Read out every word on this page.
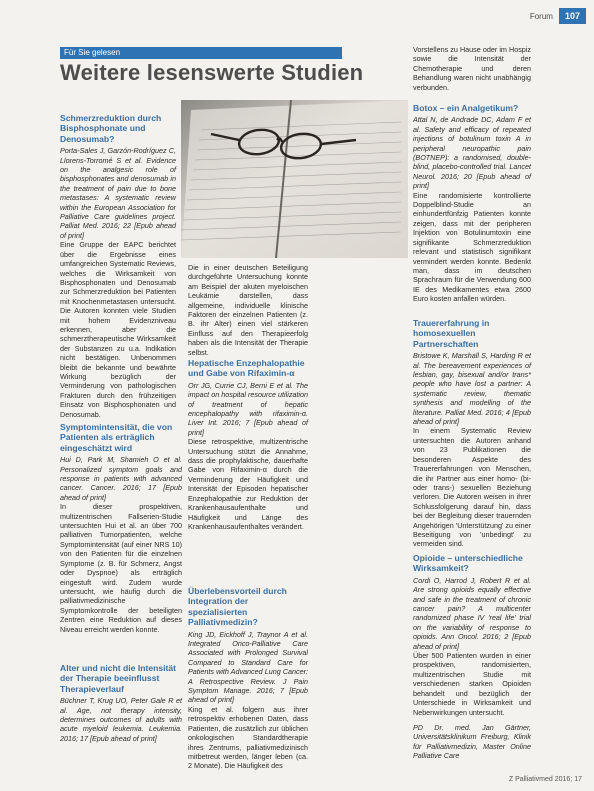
Forum	107
Für Sie gelesen
Weitere lesenswerte Studien

Schmerzreduktion durch Bisphosphonate und Denosumab?

Porta-Sales J, Garzón-Rodríguez C, Llorens-Torromé S et al. Evidence on the analgesic role of bisphosphonates and denosumab in the treatment of pain due to bone metastases: A systematic review within the European Association for Palliative Care guidelines project. Palliat Med. 2016; 22 [Epub ahead of print]

Eine Gruppe der EAPC berichtet über die Ergebnisse eines umfangreichen Systematic Reviews, welches die Wirksamkeit von Bisphosphonaten und Denosumab zur Schmerzreduktion bei Patienten mit Knochenmetastasen untersucht. Die Autoren konnten viele Studien mit hohem Evidenzniveau erkennen, aber die schmerztherapeutische Wirksamkeit der Substanzen zu u.a. Indikation nicht bestätigen. Unbenommen bleibt die bekannte und bewährte Wirkung bezüglich der Verminderung von pathologischen Frakturen durch den frühzeitigen Einsatz von Bisphosphonaten und Denosumab.

Symptomintensität, die von Patienten als erträglich eingeschätzt wird

Hui D, Park M, Shamieh O et al. Personalized symptom goals and response in patients with advanced cancer. Cancer. 2016; 17 [Epub ahead of print]

In dieser prospektiven, multizentrischen Fallserien-Studie untersuchten Hui et al. an über 700 palliativen Tumorpatienten, welche Symptomintensität (auf einer NRS 10) von den Patienten für die einzelnen Symptome (z. B. für Schmerz, Angst oder Dyspnoe) als erträglich eingestuft wird. Zudem wurde untersucht, wie häufig durch die palliativmedizinische Symptomkontrolle der beteiligten Zentren eine Reduktion auf dieses Niveau erreicht werden konnte.

Alter und nicht die Intensität der Therapie beeinflusst Therapieverlauf

Büchner T, Krug UO, Peter Gale R et al. Age, not therapy intensity, determines outcomes of adults with acute myeloid leukemia. Leukemia. 2016; 17 [Epub ahead of print]

Die in einer deutschen Beteiligung durchgeführte Untersuchung konnte am Beispiel der akuten myeloischen Leukämie darstellen, dass allgemeine, individuelle klinische Faktoren der einzelnen Patienten (z. B. ihr Alter) einen viel stärkeren Einfluss auf den Therapieerfolg haben als die Intensität der Therapie selbst.

Hepatische Enzephalopathie und Gabe von Rifaximin-α

Orr JG, Currie CJ, Berni E et al. The impact on hospital resource utilization of treatment of hepatic encephalopathy with rifaximin-α. Liver Int. 2016; 7 [Epub ahead of print]

Diese retrospektive, multizentrische Untersuchung stützt die Annahme, dass die prophylaktische, dauerhafte Gabe von Rifaximin-α durch die Verminderung der Häufigkeit und Intensität der Episoden hepatischer Enzephalopathie zur Reduktion der Krankenhausaufenthalte und Häufigkeit und Länge des Krankenhausaufenthaltes verändert.

Überlebensvorteil durch Integration der spezialisierten Palliativmedizin?

King JD, Eickhoff J, Traynor A et al. Integrated Onco-Palliative Care Associated with Prolonged Survival Compared to Standard Care for Patients with Advanced Lung Cancer: A Retrospective Review. J Pain Symptom Manage. 2016; 7 [Epub ahead of print]

King et al. folgern aus ihrer retrospektiv erhobenen Daten, dass Patienten, die zusätzlich zur üblichen onkologischen Standardtherapie ihres Zentrums, palliativmedizinisch mitbetreut werden, länger leben (ca. 2 Monate). Die Häufigkeit des

Vorstellens zu Hause oder im Hospiz sowie die Intensität der Chemotherapie und deren Behandlung waren nicht unabhängig verbunden.

Botox – ein Analgetikum?

Attal N, de Andrade DC, Adam F et al. Safety and efficacy of repeated injections of botulinum toxin A in peripheral neuropathic pain (BOTNEP): a randomised, double-blind, placebo-controlled trial. Lancet Neurol. 2016; 20 [Epub ahead of print]

Eine randomisierte kontrollierte Doppelblind-Studie an einhundertfünfzig Patienten konnte zeigen, dass mit der peripheren Injektion von Botulinumtoxin eine signifikante Schmerzreduktion relevant und statistisch signifikant vermindert werden konnte. Bedenkt man, dass im deutschen Sprachraum für die Verwendung 600 IE des Medikamentes etwa 2600 Euro kosten anfallen würden.

Trauererfahrung in homosexuellen Partnerschaften

Bristowe K, Marshall S, Harding R et al. The bereavement experiences of lesbian, gay, bisexual and/or trans* people who have lost a partner: A systematic review, thematic synthesis and modelling of the literature. Palliat Med. 2016; 4 [Epub ahead of print]

In einem Systematic Review untersuchten die Autoren anhand von 23 Publikationen die besonderen Aspekte des Trauererfahrungen von Menschen, die ihr Partner aus einer homo- (bi- oder trans-) sexuellen Beziehung verloren. Die Autoren weisen in ihrer Schlussfolgerung darauf hin, dass bei der Begleitung dieser trauernden Angehörigen 'Unterstützung' zu einer Beseitigung von 'unbedingt' zu vermeiden sind.

Opioide – unterschiedliche Wirksamkeit?

Cordi O, Harrod J, Robert R et al. Are strong opioids equally effective and safe in the treatment of chronic cancer pain? A multicenter randomized phase IV 'real life' trial on the variability of response to opioids. Ann Oncol. 2016; 2 [Epub ahead of print]

Über 500 Patienten wurden in einer prospektiven, randomisierten, multizentrischen Studie mit verschiedenen starken Opioiden behandelt und bezüglich der Unterschiede in Wirksamkeit und Nebenwirkungen untersucht.

PD Dr. med. Jan Gärtner, Universitätsklinikum Freiburg, Klinik für Palliativmedizin, Master Online Palliative Care

Z Palliativmed 2016; 17
